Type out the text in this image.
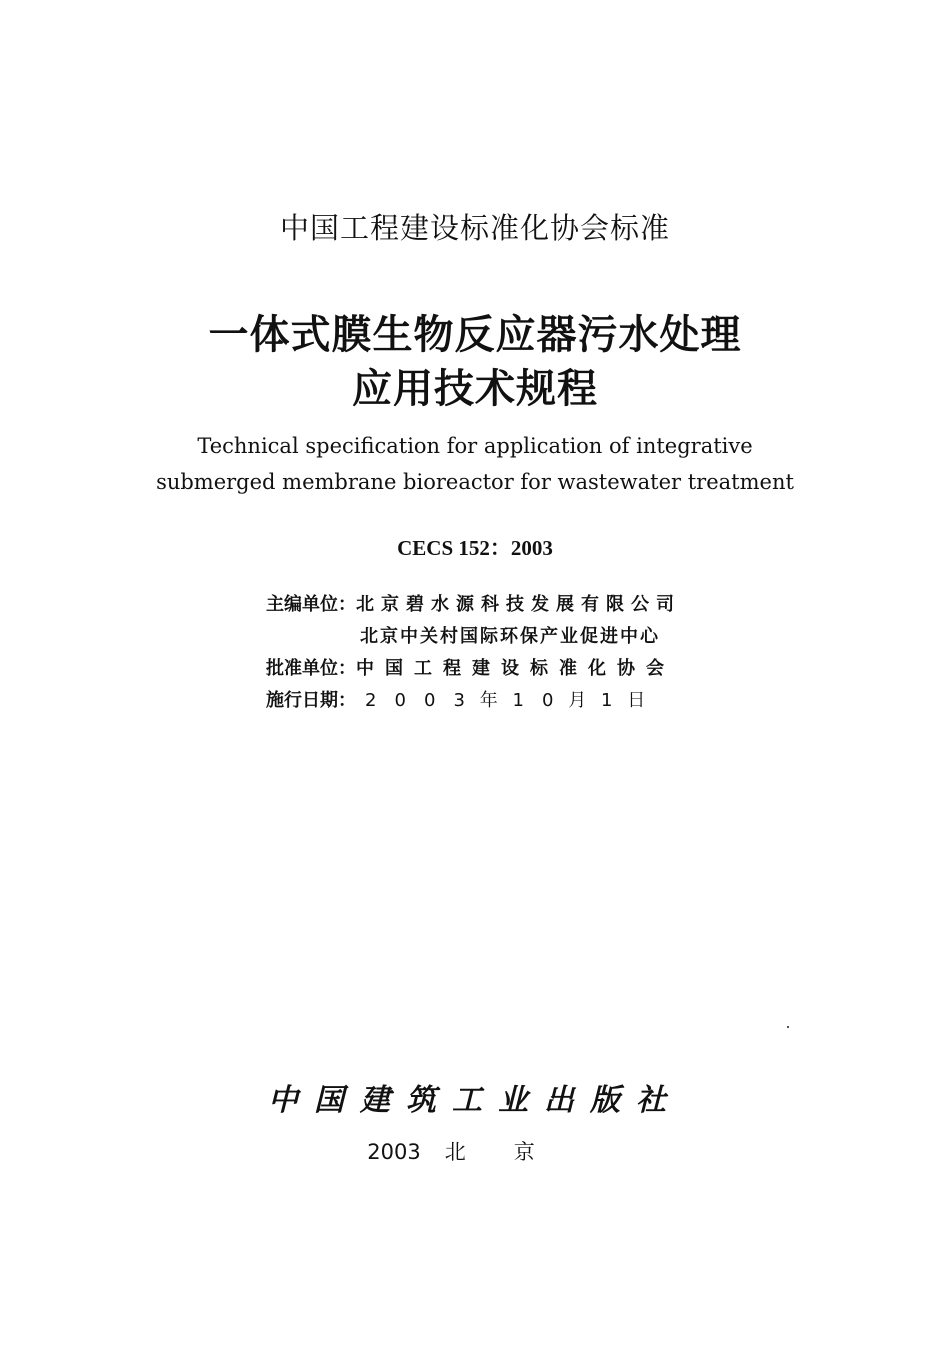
中国工程建设标准化协会标准
一体式膜生物反应器污水处理
应用技术规程
Technical specification for application of integrative
submerged membrane bioreactor for wastewater treatment
CECS 152：2003
主编单位：北京碧水源科技发展有限公司
北京中关村国际环保产业促进中心
批准单位：中国工程建设标准化协会
施行日期： 2 0 0 3 年 1 0 月 1 日
中国建筑工业出版社
2003 北京
